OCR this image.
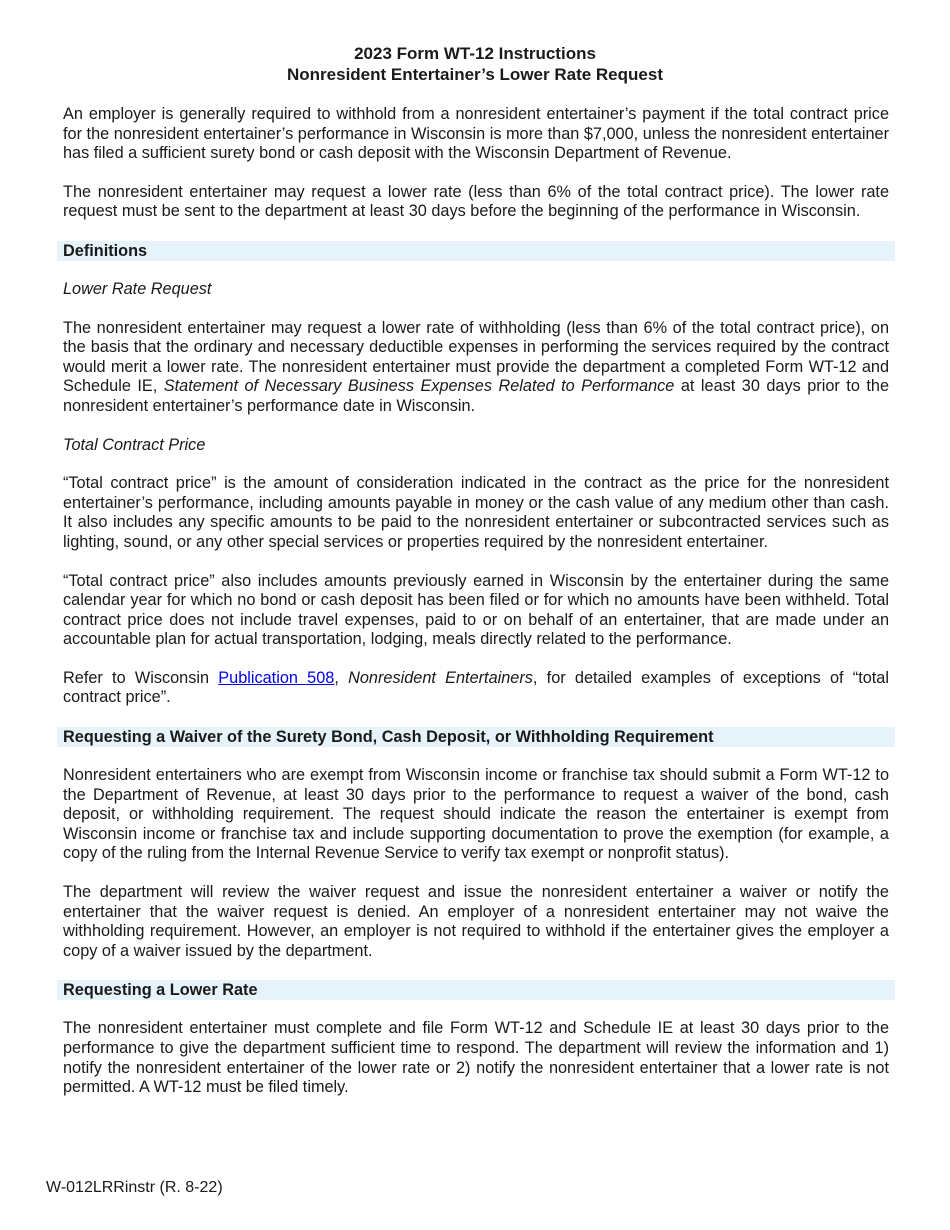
2023 Form WT-12 Instructions
Nonresident Entertainer’s Lower Rate Request

An employer is generally required to withhold from a nonresident entertainer’s payment if the total contract price for the nonresident entertainer’s performance in Wisconsin is more than $7,000, unless the nonresident entertainer has filed a sufficient surety bond or cash deposit with the Wisconsin Department of Revenue.

The nonresident entertainer may request a lower rate (less than 6% of the total contract price). The lower rate request must be sent to the department at least 30 days before the beginning of the performance in Wisconsin.

Definitions
Lower Rate Request

The nonresident entertainer may request a lower rate of withholding (less than 6% of the total contract price), on the basis that the ordinary and necessary deductible expenses in performing the services required by the contract would merit a lower rate. The nonresident entertainer must provide the department a completed Form WT-12 and Schedule IE, Statement of Necessary Business Expenses Related to Performance at least 30 days prior to the nonresident entertainer’s performance date in Wisconsin.

Total Contract Price

“Total contract price” is the amount of consideration indicated in the contract as the price for the nonresident entertainer’s performance, including amounts payable in money or the cash value of any medium other than cash. It also includes any specific amounts to be paid to the nonresident entertainer or subcontracted services such as lighting, sound, or any other special services or properties required by the nonresident entertainer.

“Total contract price” also includes amounts previously earned in Wisconsin by the entertainer during the same calendar year for which no bond or cash deposit has been filed or for which no amounts have been withheld. Total contract price does not include travel expenses, paid to or on behalf of an entertainer, that are made under an accountable plan for actual transportation, lodging, meals directly related to the performance.

Refer to Wisconsin Publication 508, Nonresident Entertainers, for detailed examples of exceptions of “total contract price”.

Requesting a Waiver of the Surety Bond, Cash Deposit, or Withholding Requirement

Nonresident entertainers who are exempt from Wisconsin income or franchise tax should submit a Form WT-12 to the Department of Revenue, at least 30 days prior to the performance to request a waiver of the bond, cash deposit, or withholding requirement. The request should indicate the reason the entertainer is exempt from Wisconsin income or franchise tax and include supporting documentation to prove the exemption (for example, a copy of the ruling from the Internal Revenue Service to verify tax exempt or nonprofit status).

The department will review the waiver request and issue the nonresident entertainer a waiver or notify the entertainer that the waiver request is denied. An employer of a nonresident entertainer may not waive the withholding requirement. However, an employer is not required to withhold if the entertainer gives the employer a copy of a waiver issued by the department.

Requesting a Lower Rate

The nonresident entertainer must complete and file Form WT-12 and Schedule IE at least 30 days prior to the performance to give the department sufficient time to respond. The department will review the information and 1) notify the nonresident entertainer of the lower rate or 2) notify the nonresident entertainer that a lower rate is not permitted. A WT-12 must be filed timely.

W-012LRRinstr (R. 8-22)
